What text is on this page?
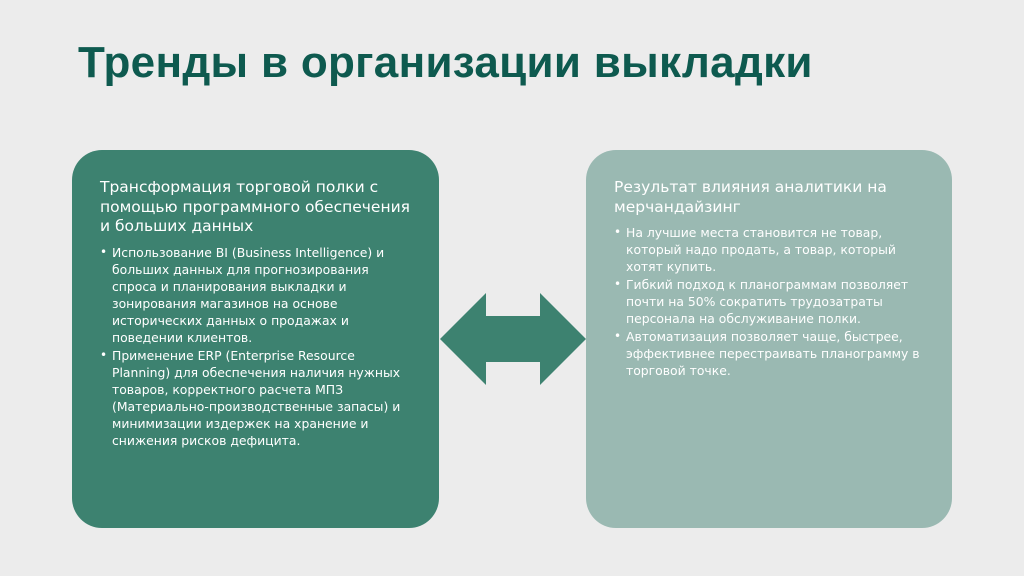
Тренды в организации выкладки
Трансформация торговой полки с помощью программного обеспечения и больших данных
• Использование BI (Business Intelligence) и больших данных для прогнозирования спроса и планирования выкладки и зонирования магазинов на основе исторических данных о продажах и поведении клиентов.
• Применение ERP (Enterprise Resource Planning) для обеспечения наличия нужных товаров, корректного расчета МПЗ (Материально-производственные запасы) и минимизации издержек на хранение и снижения рисков дефицита.
Результат влияния аналитики на мерчандайзинг
• На лучшие места становится не товар, который надо продать, а товар, который хотят купить.
• Гибкий подход к планограммам позволяет почти на 50% сократить трудозатраты персонала на обслуживание полки.
• Автоматизация позволяет чаще, быстрее, эффективнее перестраивать планограмму в торговой точке.
